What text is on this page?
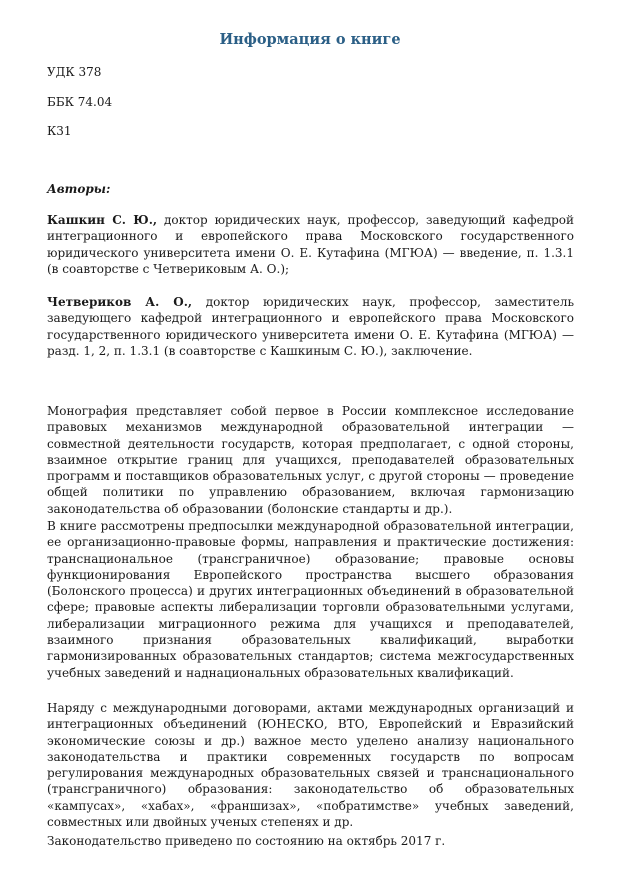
Информация о книге

УДК 378

ББК 74.04

К31

Авторы:

Кашкин С. Ю., доктор юридических наук, профессор, заведующий кафедрой интеграционного и европейского права Московского государственного юридического университета имени О. Е. Кутафина (МГЮА) — введение, п. 1.3.1 (в соавторстве с Четвериковым А. О.);

Четвериков А. О., доктор юридических наук, профессор, заместитель заведующего кафедрой интеграционного и европейского права Московского государственного юридического университета имени О. Е. Кутафина (МГЮА) — разд. 1, 2, п. 1.3.1 (в соавторстве с Кашкиным С. Ю.), заключение.

Монография представляет собой первое в России комплексное исследование правовых механизмов международной образовательной интеграции — совместной деятельности государств, которая предполагает, с одной стороны, взаимное открытие границ для учащихся, преподавателей образовательных программ и поставщиков образовательных услуг, с другой стороны — проведение общей политики по управлению образованием, включая гармонизацию законодательства об образовании (болонские стандарты и др.).

В книге рассмотрены предпосылки международной образовательной интеграции, ее организационно-правовые формы, направления и практические достижения: транснациональное (трансграничное) образование; правовые основы функционирования Европейского пространства высшего образования (Болонского процесса) и других интеграционных объединений в образовательной сфере; правовые аспекты либерализации торговли образовательными услугами, либерализации миграционного режима для учащихся и преподавателей, взаимного признания образовательных квалификаций, выработки гармонизированных образовательных стандартов; система межгосударственных учебных заведений и наднациональных образовательных квалификаций.

Наряду с международными договорами, актами международных организаций и интеграционных объединений (ЮНЕСКО, ВТО, Европейский и Евразийский экономические союзы и др.) важное место уделено анализу национального законодательства и практики современных государств по вопросам регулирования международных образовательных связей и транснационального (трансграничного) образования: законодательство об образовательных «кампусах», «хабах», «франшизах», «побратимстве» учебных заведений, совместных или двойных ученых степенях и др.

Законодательство приведено по состоянию на октябрь 2017 г.
